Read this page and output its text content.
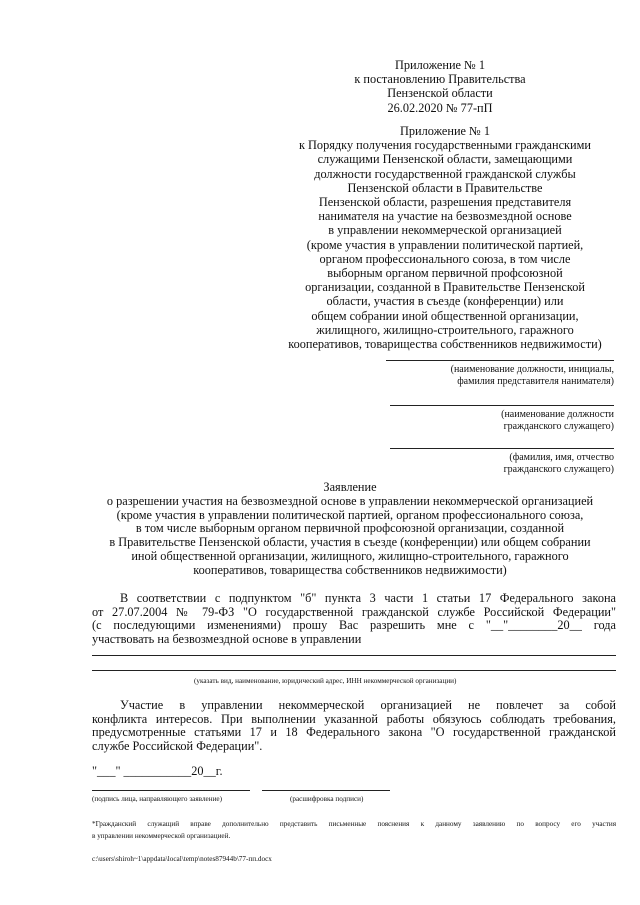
Приложение № 1
к постановлению Правительства
Пензенской области
26.02.2020 № 77-пП
Приложение № 1
к Порядку получения государственными гражданскими
служащими Пензенской области, замещающими
должности государственной гражданской службы
Пензенской области в Правительстве
Пензенской области, разрешения представителя
нанимателя на участие на безвозмездной основе
в управлении некоммерческой организацией
(кроме участия в управлении политической партией,
органом профессионального союза, в том числе
выборным органом первичной профсоюзной
организации, созданной в Правительстве Пензенской
области, участия в съезде (конференции) или
общем собрании иной общественной организации,
жилищного, жилищно-строительного, гаражного
кооперативов, товарищества собственников недвижимости)
(наименование должности, инициалы,
фамилия представителя нанимателя)
(наименование должности
гражданского служащего)
(фамилия, имя, отчество
гражданского служащего)
Заявление
о разрешении участия на безвозмездной основе в управлении некоммерческой организацией
(кроме участия в управлении политической партией, органом профессионального союза,
в том числе выборным органом первичной профсоюзной организации, созданной
в Правительстве Пензенской области, участия в съезде (конференции) или общем собрании
иной общественной организации, жилищного, жилищно-строительного, гаражного
кооперативов, товарищества собственников недвижимости)
В соответствии с подпунктом "б" пункта 3 части 1 статьи 17 Федерального закона
от 27.07.2004 № 79-ФЗ "О государственной гражданской службе Российской Федерации"
(с последующими изменениями) прошу Вас разрешить мне с "__"________20__ года
участвовать на безвозмездной основе в управлении
(указать вид, наименование, юридический адрес, ИНН некоммерческой организации)
Участие в управлении некоммерческой организацией не повлечет за собой
конфликта интересов. При выполнении указанной работы обязуюсь соблюдать требования,
предусмотренные статьями 17 и 18 Федерального закона "О государственной гражданской
службе Российской Федерации".
"___" ___________20__г.
(подпись лица, направляющего заявление)	(расшифровка подписи)
*Гражданский служащий вправе дополнительно представить письменные пояснения к данному заявлению по вопросу его участия
в управлении некоммерческой организацией.
c:\users\shiroh~1\appdata\local\temp\notes87944b\77-пп.docx
